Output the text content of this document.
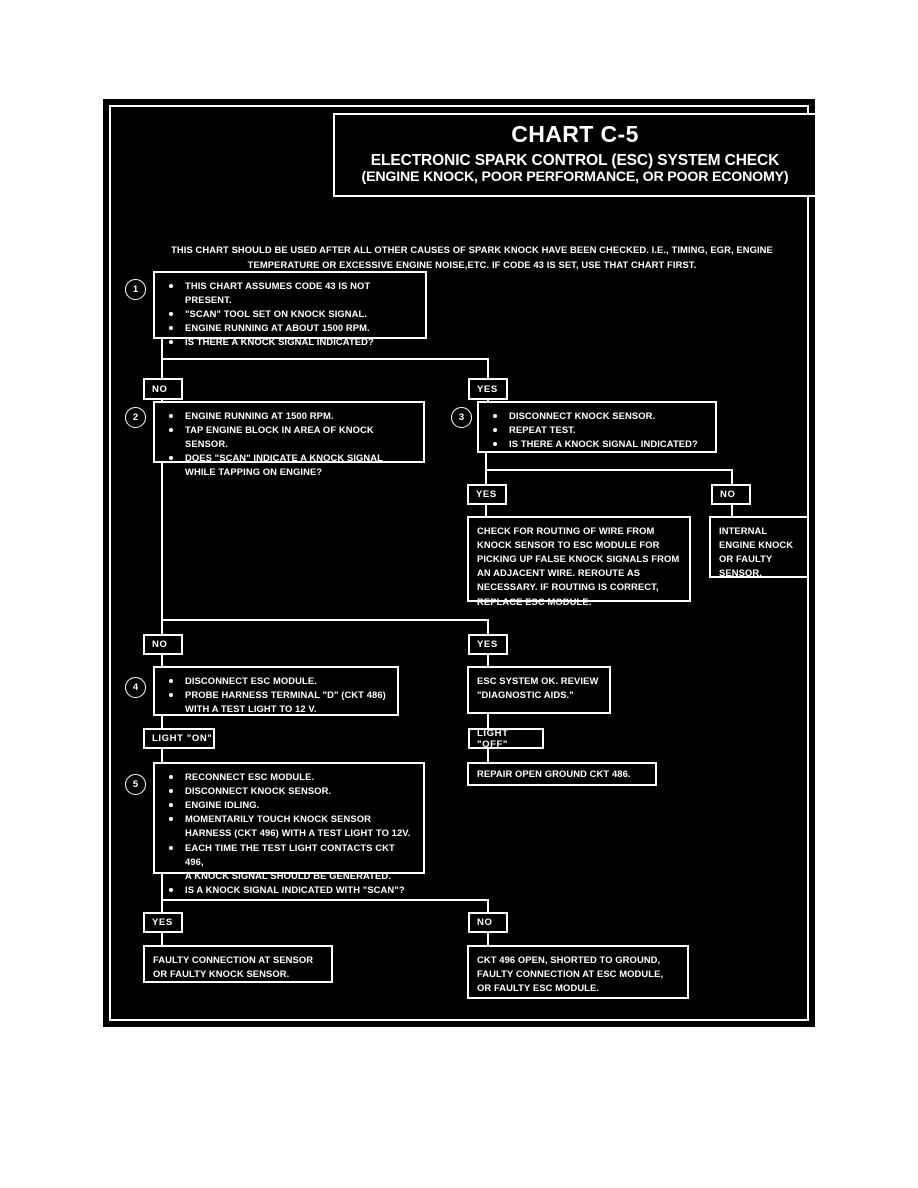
CHART C-5
ELECTRONIC SPARK CONTROL (ESC) SYSTEM CHECK
(ENGINE KNOCK, POOR PERFORMANCE, OR POOR ECONOMY)
THIS CHART SHOULD BE USED AFTER ALL OTHER CAUSES OF SPARK KNOCK HAVE BEEN CHECKED. I.E., TIMING, EGR, ENGINE TEMPERATURE OR EXCESSIVE ENGINE NOISE,ETC. IF CODE 43 IS SET, USE THAT CHART FIRST.
1	THIS CHART ASSUMES CODE 43 IS NOT PRESENT.
"SCAN" TOOL SET ON KNOCK SIGNAL.
ENGINE RUNNING AT ABOUT 1500 RPM.
IS THERE A KNOCK SIGNAL INDICATED?
NO	YES
2	ENGINE RUNNING AT 1500 RPM.
TAP ENGINE BLOCK IN AREA OF KNOCK SENSOR.
DOES "SCAN" INDICATE A KNOCK SIGNAL
WHILE TAPPING ON ENGINE?
3	DISCONNECT KNOCK SENSOR.
REPEAT TEST.
IS THERE A KNOCK SIGNAL INDICATED?
YES	NO
CHECK FOR ROUTING OF WIRE FROM KNOCK SENSOR TO ESC MODULE FOR PICKING UP FALSE KNOCK SIGNALS FROM AN ADJACENT WIRE. REROUTE AS NECESSARY. IF ROUTING IS CORRECT, REPLACE ESC MODULE.
INTERNAL ENGINE KNOCK OR FAULTY SENSOR.
NO	YES
4
DISCONNECT ESC MODULE.
PROBE HARNESS TERMINAL "D" (CKT 486)
WITH A TEST LIGHT TO 12 V.
ESC SYSTEM OK. REVIEW "DIAGNOSTIC AIDS."
LIGHT "ON"	LIGHT "OFF"
REPAIR OPEN GROUND CKT 486.
5
RECONNECT ESC MODULE.
DISCONNECT KNOCK SENSOR.
ENGINE IDLING.
MOMENTARILY TOUCH KNOCK SENSOR
HARNESS (CKT 496) WITH A TEST LIGHT TO 12V.
EACH TIME THE TEST LIGHT CONTACTS CKT 496,
A KNOCK SIGNAL SHOULD BE GENERATED.
IS A KNOCK SIGNAL INDICATED WITH "SCAN"?
YES	NO
FAULTY CONNECTION AT SENSOR OR FAULTY KNOCK SENSOR.
CKT 496 OPEN, SHORTED TO GROUND, FAULTY CONNECTION AT ESC MODULE, OR FAULTY ESC MODULE.
